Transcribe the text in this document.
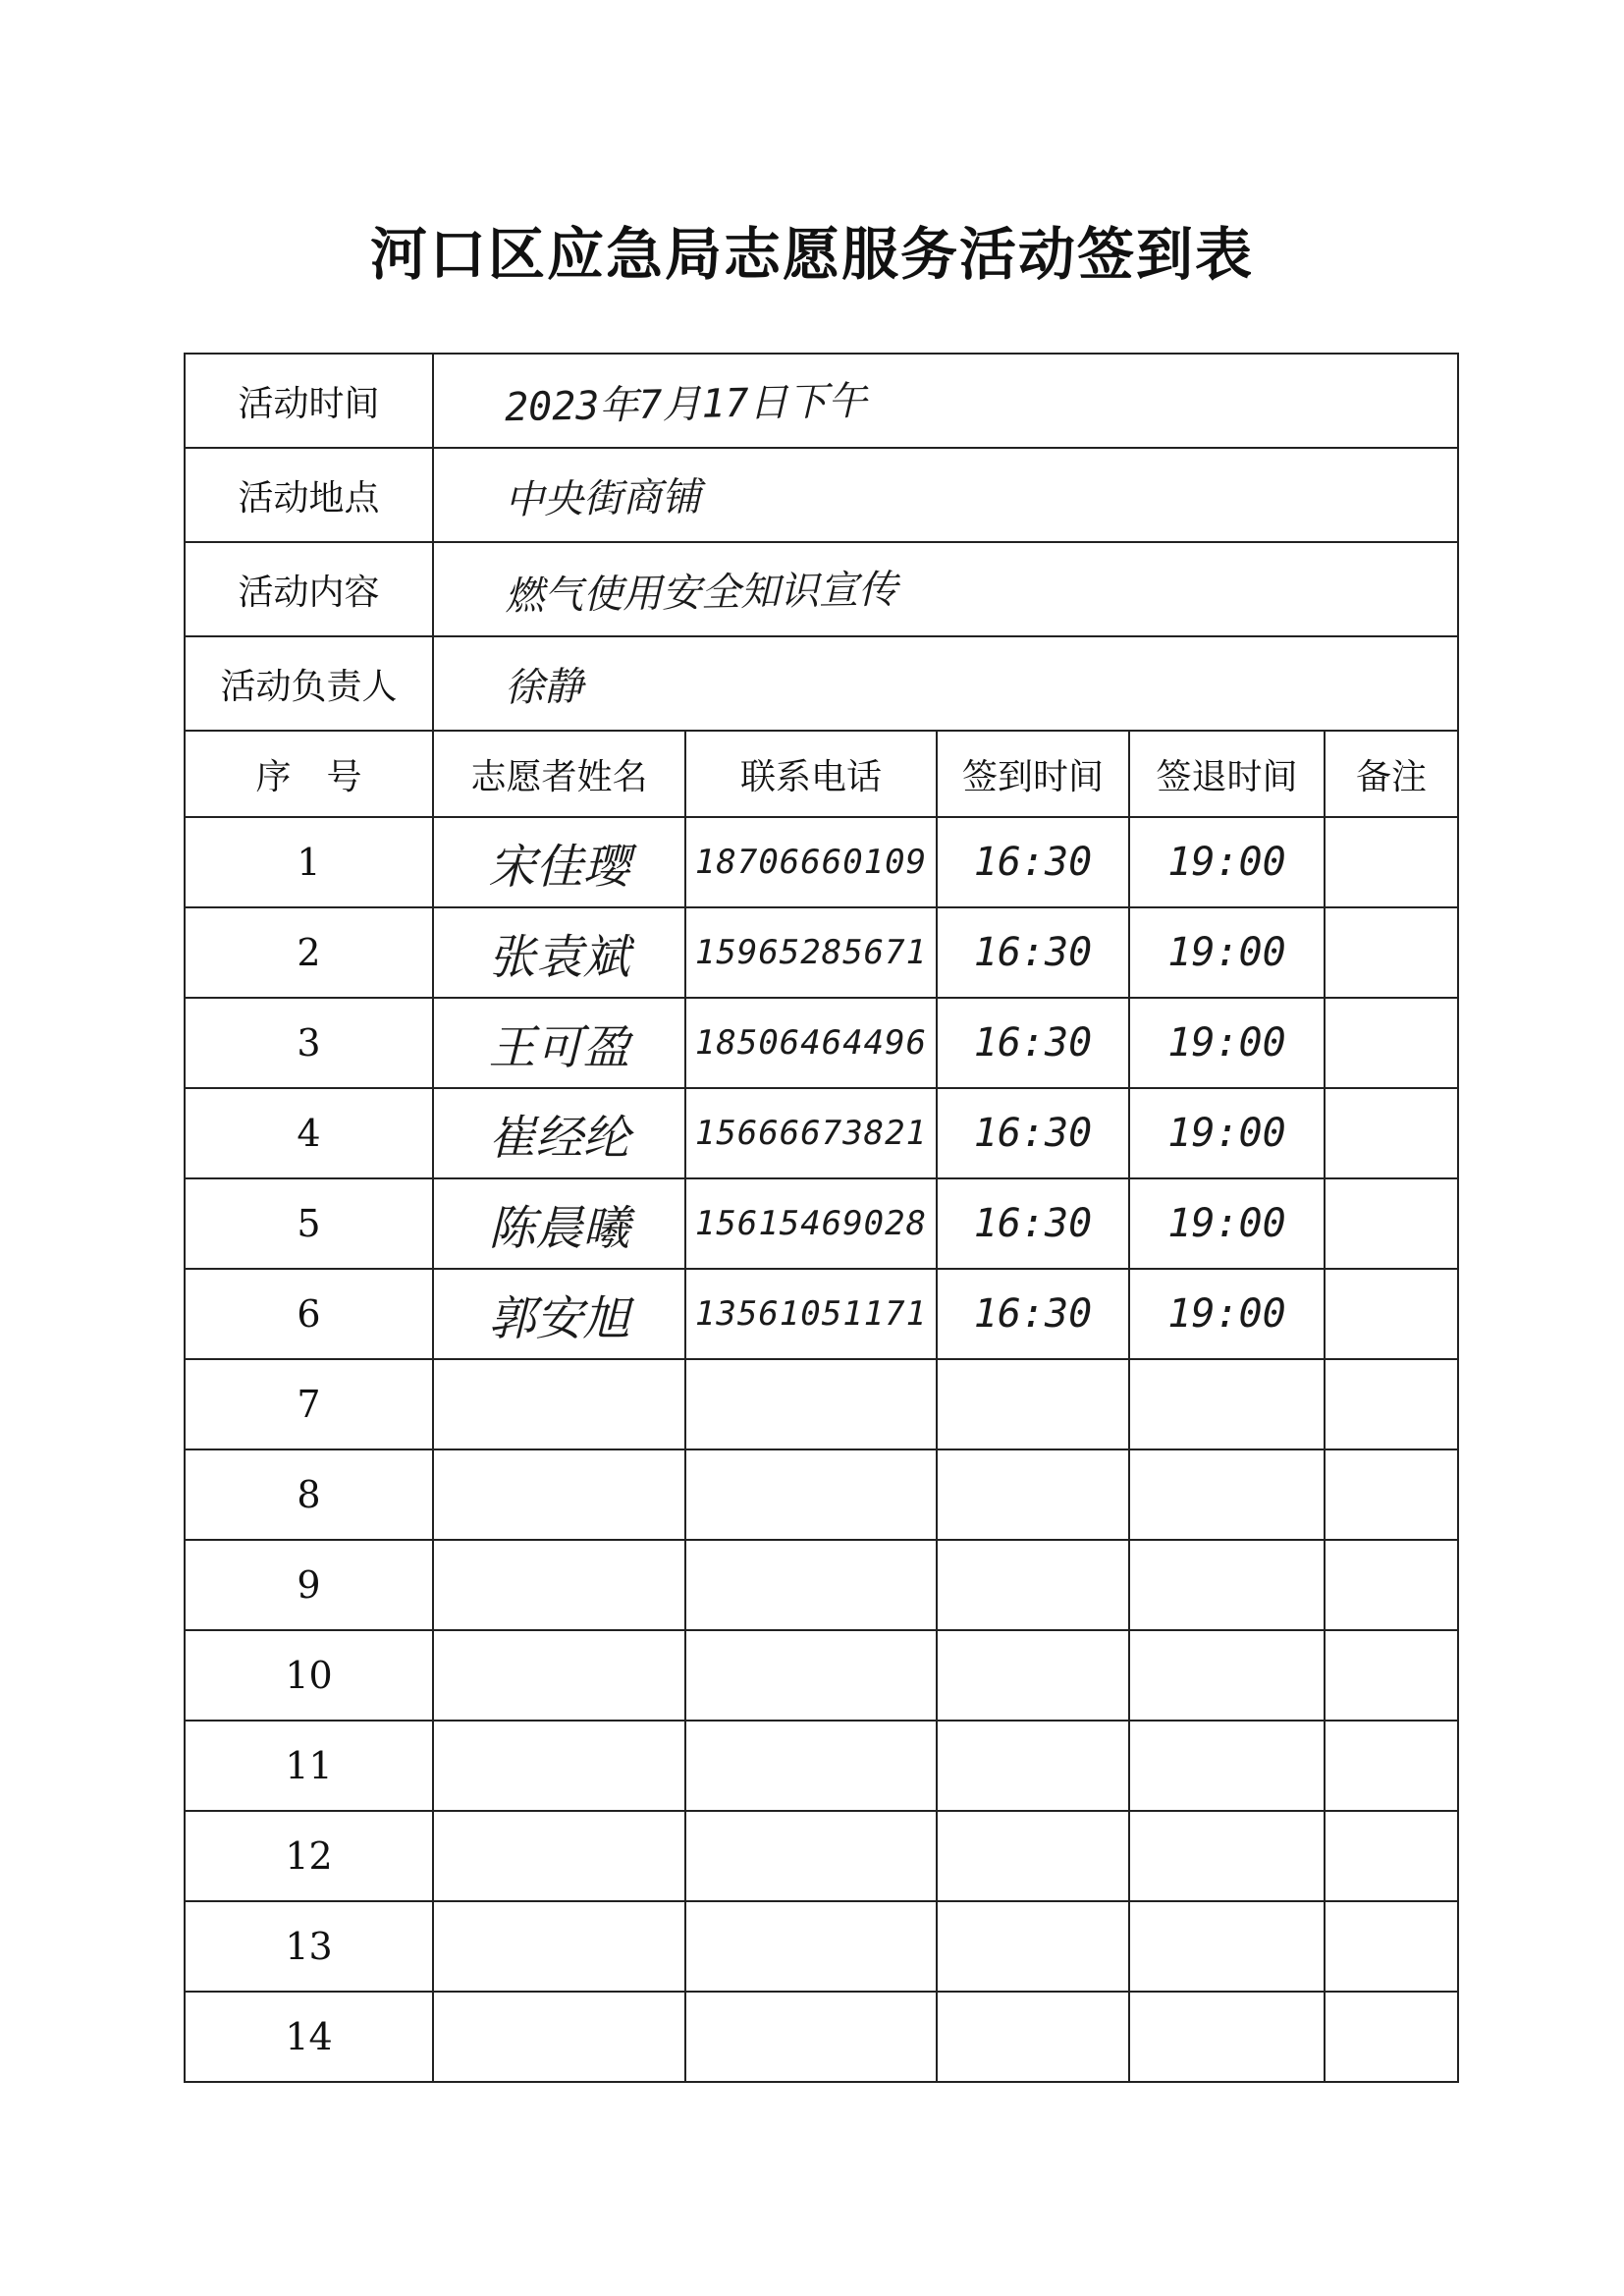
河口区应急局志愿服务活动签到表
活动时间	2023年7月17日下午				
活动地点	中央街商铺				
活动内容	燃气使用安全知识宣传				
活动负责人	徐静				
序　号	志愿者姓名	联系电话	签到时间	签退时间	备注
1	宋佳璎	18706660109	16:30	19:00	
2	张袁斌	15965285671	16:30	19:00	
3	王可盈	18506464496	16:30	19:00	
4	崔经纶	15666673821	16:30	19:00	
5	陈晨曦	15615469028	16:30	19:00	
6	郭安旭	13561051171	16:30	19:00	
7					
8					
9					
10					
11					
12					
13					
14					
